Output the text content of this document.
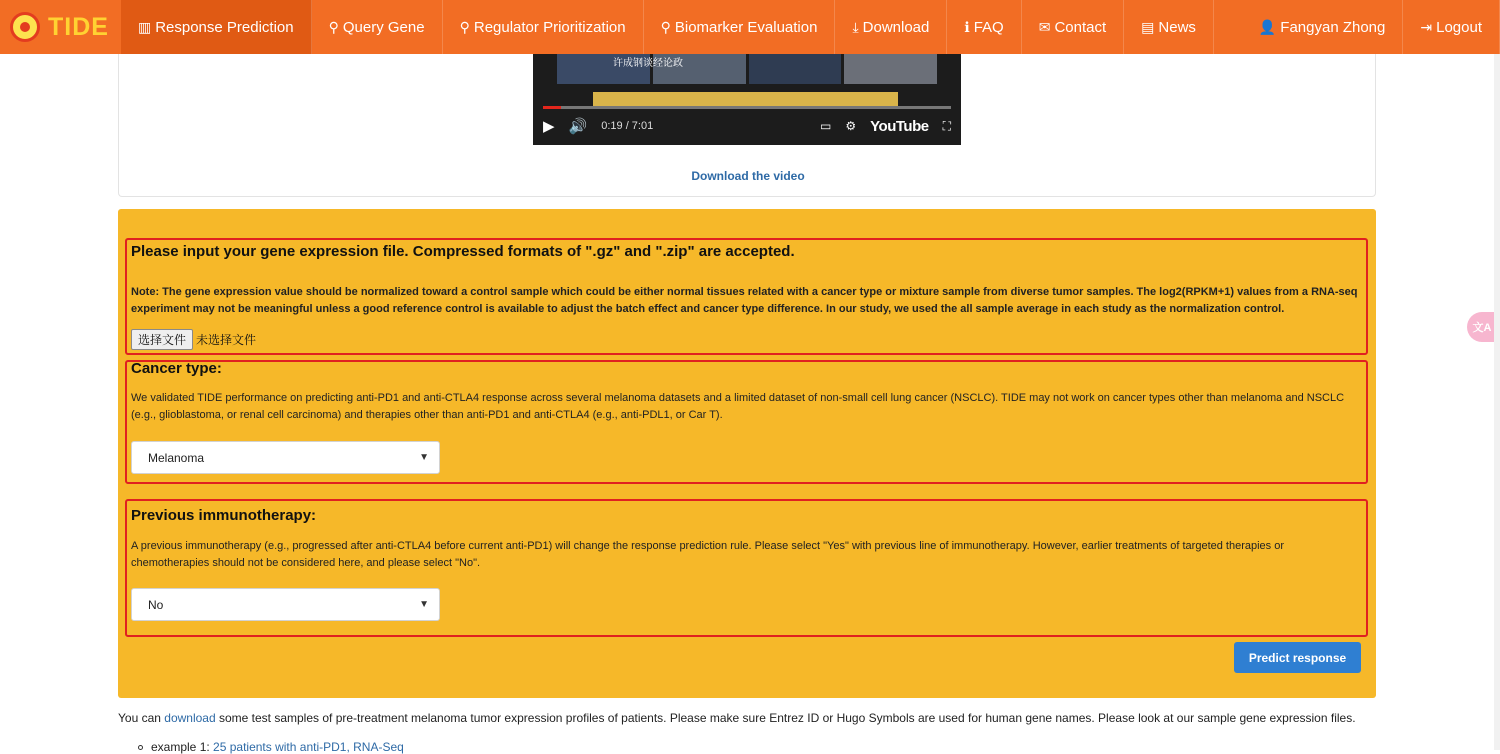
TIDE ▥ Response Prediction	⚲ Query Gene	⚲ Regulator Prioritization	⚲ Biomarker Evaluation	⤓ Download	ℹ FAQ	✉ Contact	▤ News	👤 Fangyan Zhong	⇥ Logout
许成钢谈经论政
▶ 🔊 0:19 / 7:01	▭ ⚙ YouTube ⛶
Download the video
Please input your gene expression file. Compressed formats of ".gz" and ".zip" are accepted.
Note: The gene expression value should be normalized toward a control sample which could be either normal tissues related with a cancer type or mixture sample from diverse tumor samples. The log2(RPKM+1) values from a RNA-seq experiment may not be meaningful unless a good reference control is available to adjust the batch effect and cancer type difference. In our study, we used the all sample average in each study as the normalization control.
选择文件 未选择文件
Cancer type:
We validated TIDE performance on predicting anti-PD1 and anti-CTLA4 response across several melanoma datasets and a limited dataset of non-small cell lung cancer (NSCLC). TIDE may not work on cancer types other than melanoma and NSCLC (e.g., glioblastoma, or renal cell carcinoma) and therapies other than anti-PD1 and anti-CTLA4 (e.g., anti-PDL1, or Car T).
Melanoma	▼
Previous immunotherapy:
A previous immunotherapy (e.g., progressed after anti-CTLA4 before current anti-PD1) will change the response prediction rule. Please select "Yes" with previous line of immunotherapy. However, earlier treatments of targeted therapies or chemotherapies should not be considered here, and please select "No".
No	▼
Predict response
You can download some test samples of pre-treatment melanoma tumor expression profiles of patients. Please make sure Entrez ID or Hugo Symbols are used for human gene names. Please look at our sample gene expression files.
example 1: 25 patients with anti-PD1, RNA-Seq
文A
